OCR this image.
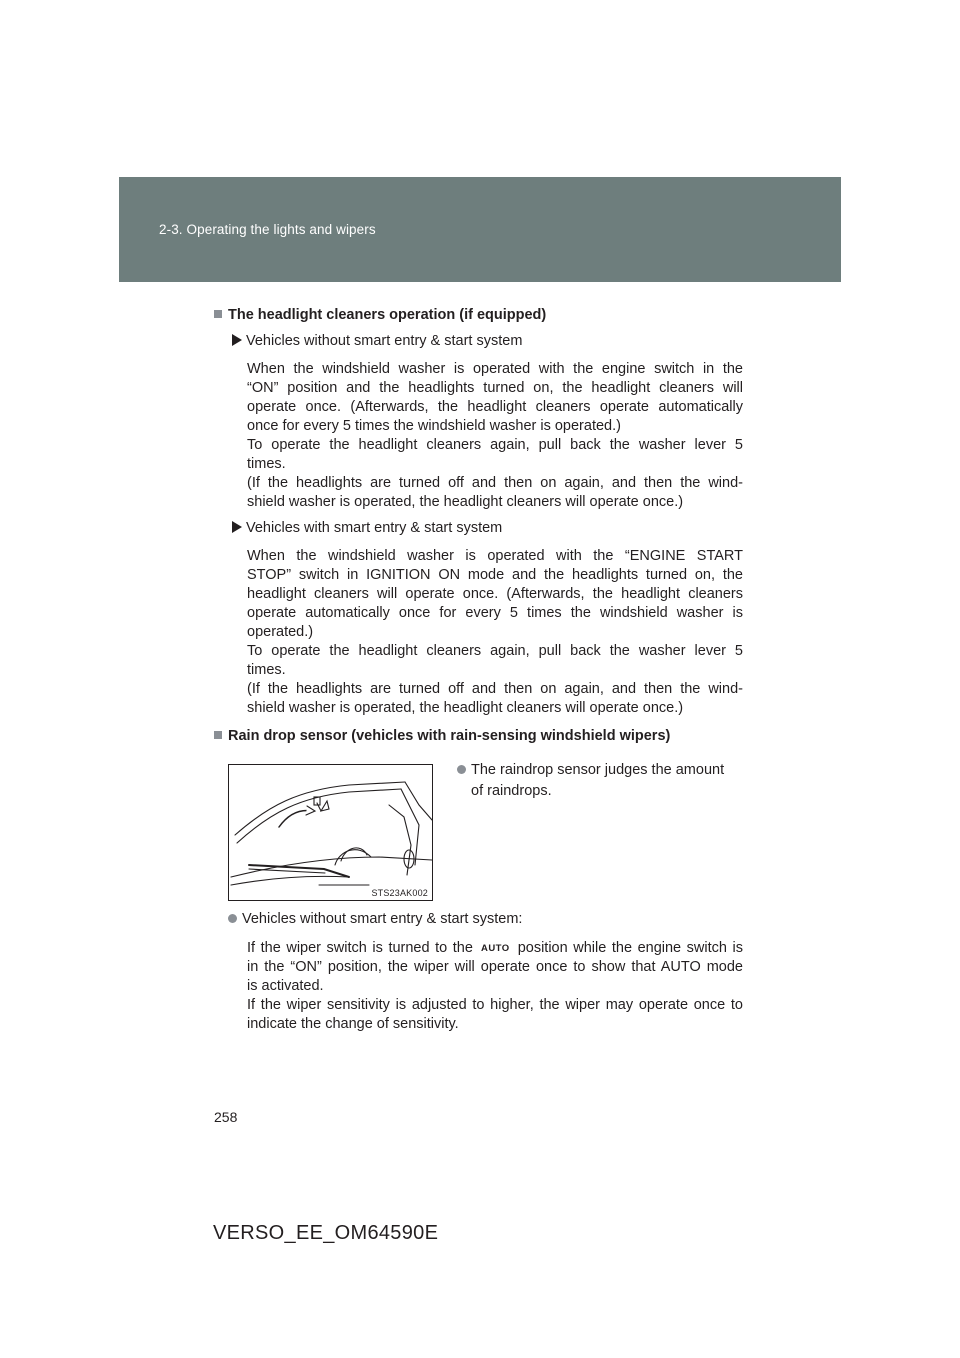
2-3. Operating the lights and wipers
The headlight cleaners operation (if equipped)
Vehicles without smart entry & start system

When the windshield washer is operated with the engine switch in the

“ON” position and the headlights turned on, the headlight cleaners will

operate once. (Afterwards, the headlight cleaners operate automatically

once for every 5 times the windshield washer is operated.)

To operate the headlight cleaners again, pull back the washer lever 5

times.

(If the headlights are turned off and then on again, and then the wind-

shield washer is operated, the headlight cleaners will operate once.)

Vehicles with smart entry & start system

When the windshield washer is operated with the “ENGINE START

STOP” switch in IGNITION ON mode and the headlights turned on, the

headlight cleaners will operate once. (Afterwards, the headlight cleaners

operate automatically once for every 5 times the windshield washer is

operated.)

To operate the headlight cleaners again, pull back the washer lever 5

times.

(If the headlights are turned off and then on again, and then the wind-

shield washer is operated, the headlight cleaners will operate once.)

Rain drop sensor (vehicles with rain-sensing windshield wipers)
STS23AK002
The raindrop sensor judges the amount
of raindrops.
Vehicles without smart entry & start system:

If the wiper switch is turned to the AUTO position while the engine switch is

in the “ON” position, the wiper will operate once to show that AUTO mode

is activated.

If the wiper sensitivity is adjusted to higher, the wiper may operate once to

indicate the change of sensitivity.

258
VERSO_EE_OM64590E
